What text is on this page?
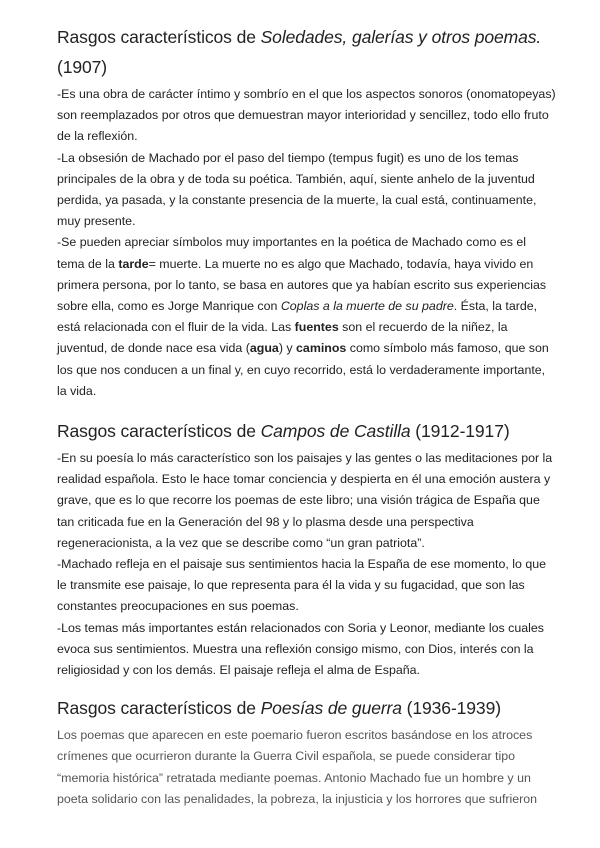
Rasgos característicos de Soledades, galerías y otros poemas.
(1907)

-Es una obra de carácter íntimo y sombrío en el que los aspectos sonoros (onomatopeyas) son reemplazados por otros que demuestran mayor interioridad y sencillez, todo ello fruto de la reflexión.

-La obsesión de Machado por el paso del tiempo (tempus fugit) es uno de los temas principales de la obra y de toda su poética. También, aquí, siente anhelo de la juventud perdida, ya pasada, y la constante presencia de la muerte, la cual está, continuamente, muy presente.

-Se pueden apreciar símbolos muy importantes en la poética de Machado como es el tema de la tarde= muerte. La muerte no es algo que Machado, todavía, haya vivido en primera persona, por lo tanto, se basa en autores que ya habían escrito sus experiencias sobre ella, como es Jorge Manrique con Coplas a la muerte de su padre. Ésta, la tarde, está relacionada con el fluir de la vida. Las fuentes son el recuerdo de la niñez, la juventud, de donde nace esa vida (agua) y caminos como símbolo más famoso, que son los que nos conducen a un final y, en cuyo recorrido, está lo verdaderamente importante, la vida.

Rasgos característicos de Campos de Castilla (1912-1917)

-En su poesía lo más característico son los paisajes y las gentes o las meditaciones por la realidad española. Esto le hace tomar conciencia y despierta en él una emoción austera y grave, que es lo que recorre los poemas de este libro; una visión trágica de España que tan criticada fue en la Generación del 98 y lo plasma desde una perspectiva regeneracionista, a la vez que se describe como “un gran patriota”.

-Machado refleja en el paisaje sus sentimientos hacia la España de ese momento, lo que le transmite ese paisaje, lo que representa para él la vida y su fugacidad, que son las constantes preocupaciones en sus poemas.

-Los temas más importantes están relacionados con Soria y Leonor, mediante los cuales evoca sus sentimientos. Muestra una reflexión consigo mismo, con Dios, interés con la religiosidad y con los demás. El paisaje refleja el alma de España.

Rasgos característicos de Poesías de guerra (1936-1939)

Los poemas que aparecen en este poemario fueron escritos basándose en los atroces crímenes que ocurrieron durante la Guerra Civil española, se puede considerar tipo “memoria histórica” retratada mediante poemas. Antonio Machado fue un hombre y un poeta solidario con las penalidades, la pobreza, la injusticia y los horrores que sufrieron
